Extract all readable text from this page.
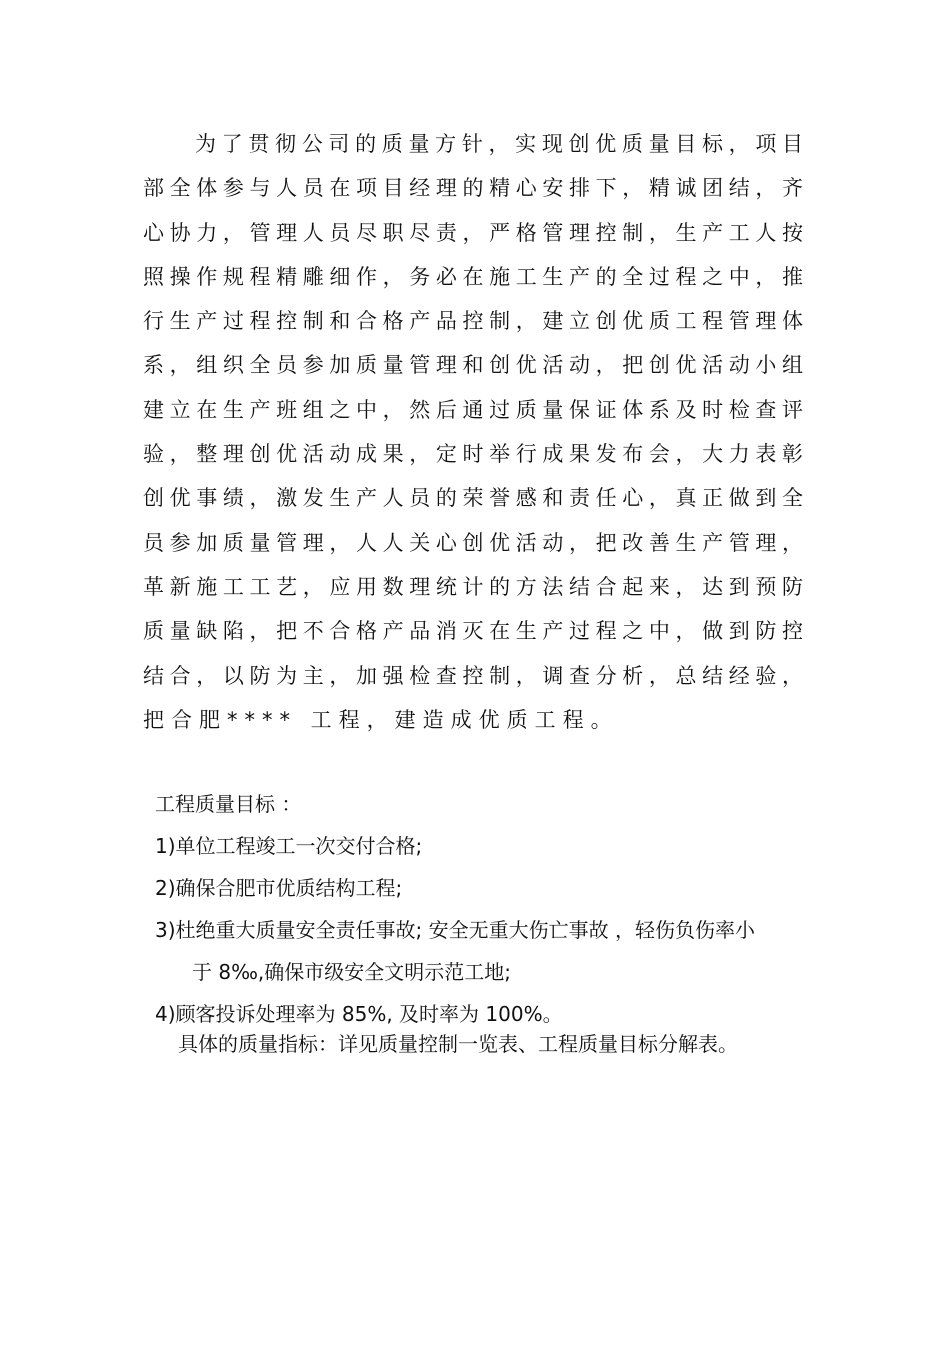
为了贯彻公司的质量方针，实现创优质量目标，项目
部全体参与人员在项目经理的精心安排下，精诚团结，齐
心协力，管理人员尽职尽责，严格管理控制，生产工人按
照操作规程精雕细作，务必在施工生产的全过程之中，推
行生产过程控制和合格产品控制，建立创优质工程管理体
系，组织全员参加质量管理和创优活动，把创优活动小组
建立在生产班组之中，然后通过质量保证体系及时检查评
验，整理创优活动成果，定时举行成果发布会，大力表彰
创优事绩，激发生产人员的荣誉感和责任心，真正做到全
员参加质量管理，人人关心创优活动，把改善生产管理，
革新施工工艺，应用数理统计的方法结合起来，达到预防
质量缺陷，把不合格产品消灭在生产过程之中，做到防控
结合，以防为主，加强检查控制，调查分析，总结经验，
把合肥**** 工程，建造成优质工程。
工程质量目标 ：
1)单位工程竣工一次交付合格;
2)确保合肥市优质结构工程;
3)杜绝重大质量安全责任事故; 安全无重大伤亡事故 ，轻伤负伤率小
于 8‰,确保市级安全文明示范工地;
4)顾客投诉处理率为 85%, 及时率为 100%。
具体的质量指标：详见质量控制一览表、工程质量目标分解表。
